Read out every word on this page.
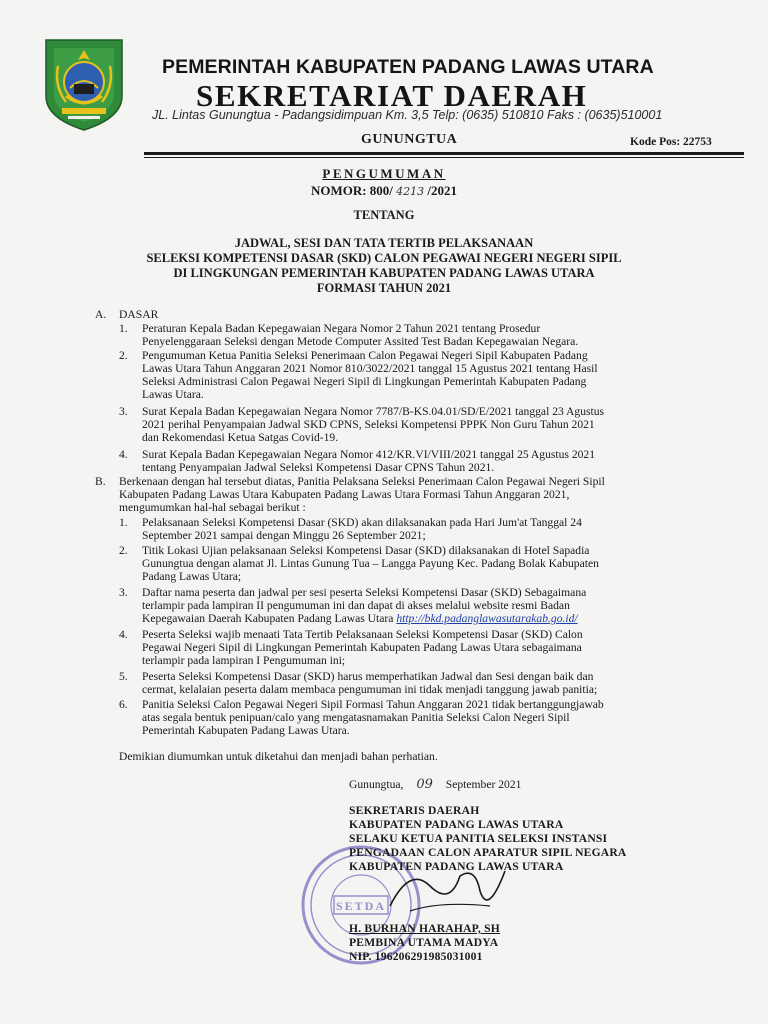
PEMERINTAH KABUPATEN PADANG LAWAS UTARA
SEKRETARIAT DAERAH
JL. Lintas Gunungtua - Padangsidimpuan Km. 3,5 Telp: (0635) 510810 Faks : (0635)510001
GUNUNGTUA	Kode Pos: 22753
PENGUMUMAN
NOMOR: 800/ 4213 /2021
TENTANG
JADWAL, SESI DAN TATA TERTIB PELAKSANAAN
SELEKSI KOMPETENSI DASAR (SKD) CALON PEGAWAI NEGERI NEGERI SIPIL
DI LINGKUNGAN PEMERINTAH KABUPATEN PADANG LAWAS UTARA
FORMASI TAHUN 2021
A. DASAR
1. Peraturan Kepala Badan Kepegawaian Negara Nomor 2 Tahun 2021 tentang Prosedur
Penyelenggaraan Seleksi dengan Metode Computer Assited Test Badan Kepegawaian Negara.
2. Pengumuman Ketua Panitia Seleksi Penerimaan Calon Pegawai Negeri Sipil Kabupaten Padang
Lawas Utara Tahun Anggaran 2021 Nomor 810/3022/2021 tanggal 15 Agustus 2021 tentang Hasil
Seleksi Administrasi Calon Pegawai Negeri Sipil di Lingkungan Pemerintah Kabupaten Padang
Lawas Utara.
3. Surat Kepala Badan Kepegawaian Negara Nomor 7787/B-KS.04.01/SD/E/2021 tanggal 23 Agustus
2021 perihal Penyampaian Jadwal SKD CPNS, Seleksi Kompetensi PPPK Non Guru Tahun 2021
dan Rekomendasi Ketua Satgas Covid-19.
4. Surat Kepala Badan Kepegawaian Negara Nomor 412/KR.VI/VIII/2021 tanggal 25 Agustus 2021
tentang Penyampaian Jadwal Seleksi Kompetensi Dasar CPNS Tahun 2021.
B. Berkenaan dengan hal tersebut diatas, Panitia Pelaksana Seleksi Penerimaan Calon Pegawai Negeri Sipil
Kabupaten Padang Lawas Utara Kabupaten Padang Lawas Utara Formasi Tahun Anggaran 2021,
mengumumkan hal-hal sebagai berikut :
1. Pelaksanaan Seleksi Kompetensi Dasar (SKD) akan dilaksanakan pada Hari Jum'at Tanggal 24
September 2021 sampai dengan Minggu 26 September 2021;
2. Titik Lokasi Ujian pelaksanaan Seleksi Kompetensi Dasar (SKD) dilaksanakan di Hotel Sapadia
Gunungtua dengan alamat Jl. Lintas Gunung Tua – Langga Payung Kec. Padang Bolak Kabupaten
Padang Lawas Utara;
3. Daftar nama peserta dan jadwal per sesi peserta Seleksi Kompetensi Dasar (SKD) Sebagaimana
terlampir pada lampiran II pengumuman ini dan dapat di akses melalui website resmi Badan
Kepegawaian Daerah Kabupaten Padang Lawas Utara http://bkd.padanglawasutarakab.go.id/
4. Peserta Seleksi wajib menaati Tata Tertib Pelaksanaan Seleksi Kompetensi Dasar (SKD) Calon
Pegawai Negeri Sipil di Lingkungan Pemerintah Kabupaten Padang Lawas Utara sebagaimana
terlampir pada lampiran I Pengumuman ini;
5. Peserta Seleksi Kompetensi Dasar (SKD) harus memperhatikan Jadwal dan Sesi dengan baik dan
cermat, kelalaian peserta dalam membaca pengumuman ini tidak menjadi tanggung jawab panitia;
6. Panitia Seleksi Calon Pegawai Negeri Sipil Formasi Tahun Anggaran 2021 tidak bertanggungjawab
atas segala bentuk penipuan/calo yang mengatasnamakan Panitia Seleksi Calon Negeri Sipil
Pemerintah Kabupaten Padang Lawas Utara.
Demikian diumumkan untuk diketahui dan menjadi bahan perhatian.
Gunungtua, 09 September 2021
SETDA
SEKRETARIS DAERAH
KABUPATEN PADANG LAWAS UTARA
SELAKU KETUA PANITIA SELEKSI INSTANSI
PENGADAAN CALON APARATUR SIPIL NEGARA
KABUPATEN PADANG LAWAS UTARA
H. BURHAN HARAHAP, SH
PEMBINA UTAMA MADYA
NIP. 196206291985031001
